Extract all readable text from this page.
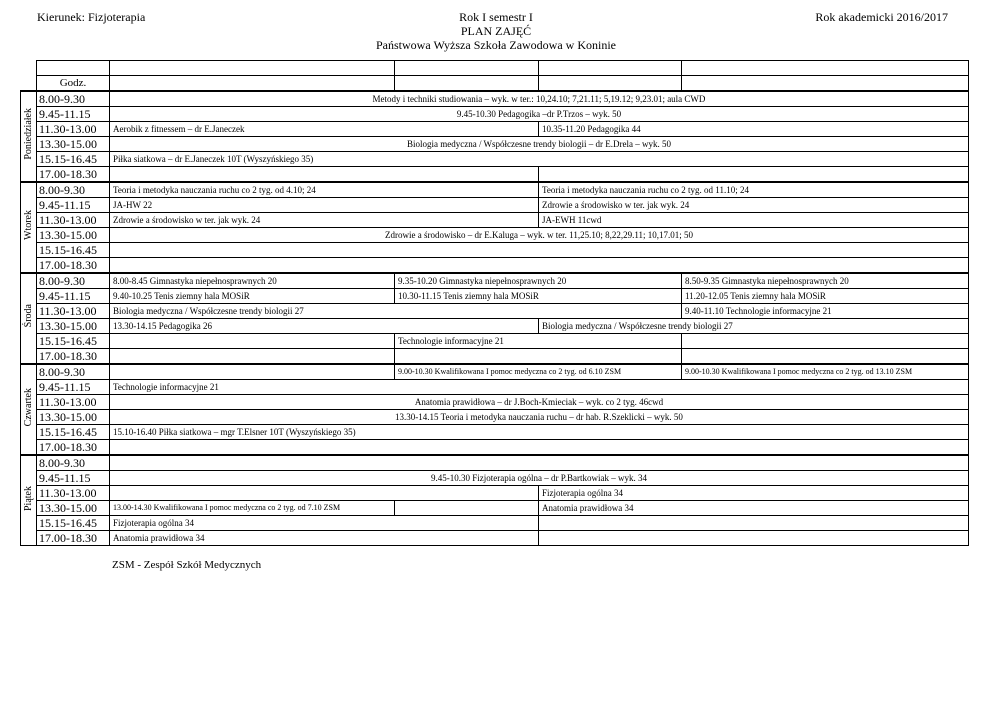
Kierunek: Fizjoterapia	Rok I semestr I
PLAN ZAJĘĆ
Państwowa Wyższa Szkoła Zawodowa w Koninie
Rok akademicki 2016/2017

	Godz.				
Poniedziałek	8.00-9.30	Metody i techniki studiowania – wyk. w ter.: 10,24.10; 7,21.11; 5,19.12; 9,23.01; aula CWD			
	9.45-11.15	9.45-10.30 Pedagogika –dr P.Trzos – wyk. 50			
	11.30-13.00	Aerobik z fitnessem – dr E.Janeczek		10.35-11.20 Pedagogika 44	
	13.30-15.00	Biologia medyczna / Współczesne trendy biologii – dr E.Drela – wyk. 50			
	15.15-16.45	Piłka siatkowa – dr E.Janeczek 10T (Wyszyńskiego 35)			
	17.00-18.30				
Wtorek	8.00-9.30	Teoria i metodyka nauczania ruchu co 2 tyg. od 4.10; 24		Teoria i metodyka nauczania ruchu co 2 tyg. od 11.10; 24	
	9.45-11.15	JA-HW 22		Zdrowie a środowisko w ter. jak wyk. 24	
	11.30-13.00	Zdrowie a środowisko w ter. jak wyk. 24		JA-EWH 11cwd	
	13.30-15.00	Zdrowie a środowisko – dr E.Kaluga – wyk. w ter. 11,25.10; 8,22,29.11; 10,17.01; 50			
	15.15-16.45				
	17.00-18.30				
Środa	8.00-9.30	8.00-8.45 Gimnastyka niepełnosprawnych 20	9.35-10.20 Gimnastyka niepełnosprawnych 20		8.50-9.35 Gimnastyka niepełnosprawnych 20
	9.45-11.15	9.40-10.25 Tenis ziemny hala MOSiR	10.30-11.15 Tenis ziemny hala MOSiR		11.20-12.05 Tenis ziemny hala MOSiR
	11.30-13.00	Biologia medyczna / Współczesne trendy biologii 27			9.40-11.10 Technologie informacyjne 21
	13.30-15.00	13.30-14.15 Pedagogika 26		Biologia medyczna / Współczesne trendy biologii 27	
	15.15-16.45		Technologie informacyjne 21		
	17.00-18.30				
Czwartek	8.00-9.30		9.00-10.30 Kwalifikowana I pomoc medyczna co 2 tyg. od 6.10 ZSM		9.00-10.30 Kwalifikowana I pomoc medyczna co 2 tyg. od 13.10 ZSM
	9.45-11.15	Technologie informacyjne 21			
	11.30-13.00	Anatomia prawidłowa – dr J.Boch-Kmieciak – wyk. co 2 tyg. 46cwd			
	13.30-15.00	13.30-14.15 Teoria i metodyka nauczania ruchu – dr hab. R.Szeklicki – wyk. 50			
	15.15-16.45	15.10-16.40 Piłka siatkowa – mgr T.Elsner 10T (Wyszyńskiego 35)			
	17.00-18.30				
Piątek	8.00-9.30				
	9.45-11.15	9.45-10.30 Fizjoterapia ogólna – dr P.Bartkowiak – wyk. 34			
	11.30-13.00			Fizjoterapia ogólna 34	
	13.30-15.00	13.00-14.30 Kwalifikowana I pomoc medyczna co 2 tyg. od 7.10 ZSM		Anatomia prawidłowa 34	
	15.15-16.45	Fizjoterapia ogólna 34			
	17.00-18.30	Anatomia prawidłowa 34			
ZSM - Zespół Szkół Medycznych
